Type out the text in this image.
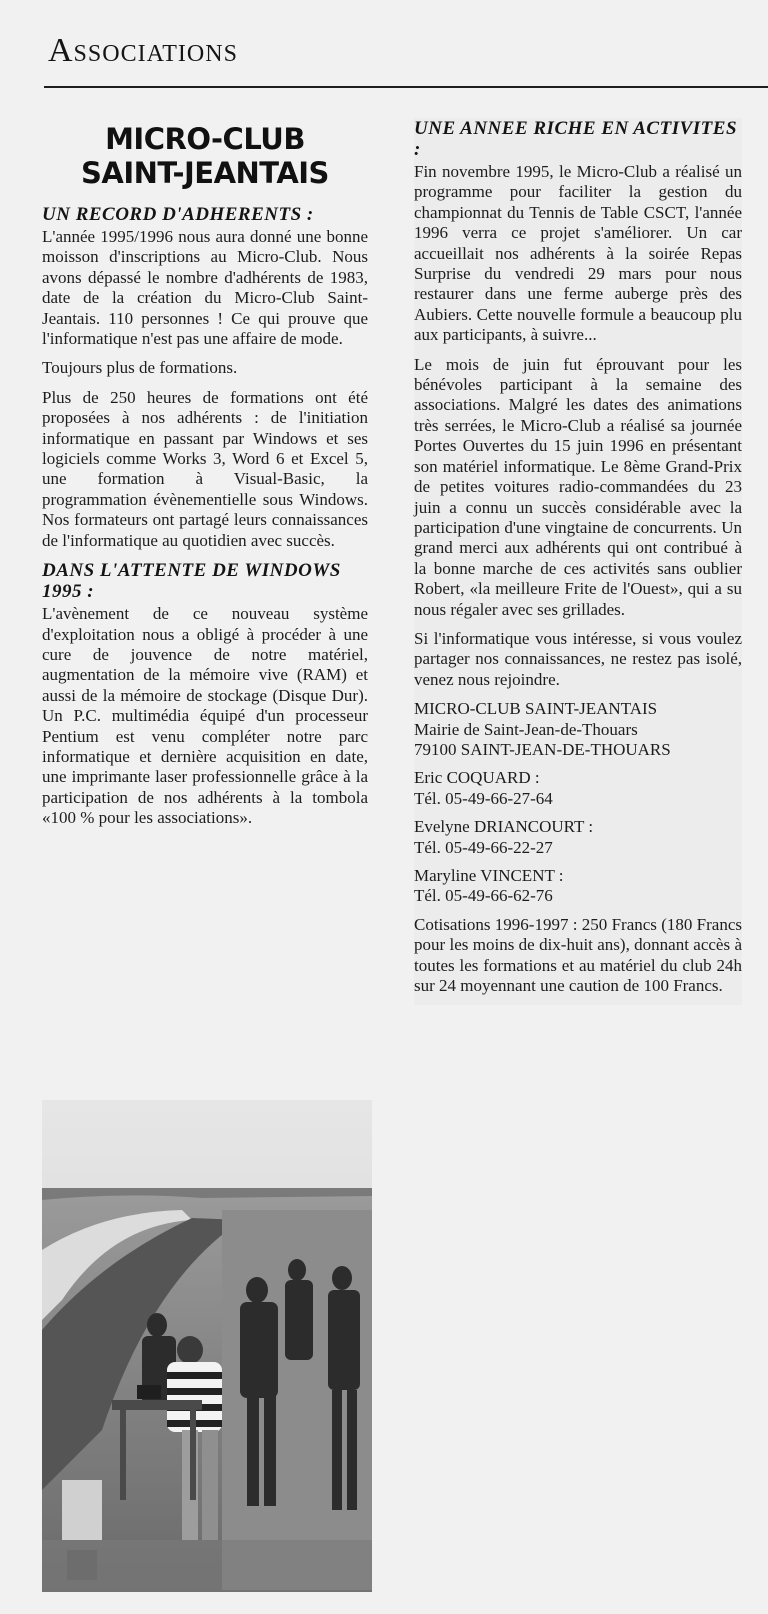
Associations
MICRO-CLUB
SAINT-JEANTAIS
UN RECORD D'ADHERENTS :

L'année 1995/1996 nous aura donné une bonne moisson d'inscriptions au Micro-Club. Nous avons dépassé le nombre d'adhérents de 1983, date de la création du Micro-Club Saint-Jeantais. 110 personnes ! Ce qui prouve que l'informatique n'est pas une affaire de mode.

Toujours plus de formations.

Plus de 250 heures de formations ont été proposées à nos adhérents : de l'initiation informatique en passant par Windows et ses logiciels comme Works 3, Word 6 et Excel 5, une formation à Visual-Basic, la programmation évènementielle sous Windows. Nos formateurs ont partagé leurs connaissances de l'informatique au quotidien avec succès.

DANS L'ATTENTE DE WINDOWS 1995 :

L'avènement de ce nouveau système d'exploitation nous a obligé à procéder à une cure de jouvence de notre matériel, augmentation de la mémoire vive (RAM) et aussi de la mémoire de stockage (Disque Dur). Un P.C. multimédia équipé d'un processeur Pentium est venu compléter notre parc informatique et dernière acquisition en date, une imprimante laser professionnelle grâce à la participation de nos adhérents à la tombola «100 % pour les associations».

UNE ANNEE RICHE EN ACTIVITES :

Fin novembre 1995, le Micro-Club a réalisé un programme pour faciliter la gestion du championnat du Tennis de Table CSCT, l'année 1996 verra ce projet s'améliorer. Un car accueillait nos adhérents à la soirée Repas Surprise du vendredi 29 mars pour nous restaurer dans une ferme auberge près des Aubiers. Cette nouvelle formule a beaucoup plu aux participants, à suivre...

Le mois de juin fut éprouvant pour les bénévoles participant à la semaine des associations. Malgré les dates des animations très serrées, le Micro-Club a réalisé sa journée Portes Ouvertes du 15 juin 1996 en présentant son matériel informatique. Le 8ème Grand-Prix de petites voitures radio-commandées du 23 juin a connu un succès considérable avec la participation d'une vingtaine de concurrents. Un grand merci aux adhérents qui ont contribué à la bonne marche de ces activités sans oublier Robert, «la meilleure Frite de l'Ouest», qui a su nous régaler avec ses grillades.

Si l'informatique vous intéresse, si vous voulez partager nos connaissances, ne restez pas isolé, venez nous rejoindre.

MICRO-CLUB SAINT-JEANTAIS
Mairie de Saint-Jean-de-Thouars
79100 SAINT-JEAN-DE-THOUARS
Eric COQUARD :
Tél. 05-49-66-27-64
Evelyne DRIANCOURT :
Tél. 05-49-66-22-27
Maryline VINCENT :
Tél. 05-49-66-62-76

Cotisations 1996-1997 : 250 Francs (180 Francs pour les moins de dix-huit ans), donnant accès à toutes les formations et au matériel du club 24h sur 24 moyennant une caution de 100 Francs.
